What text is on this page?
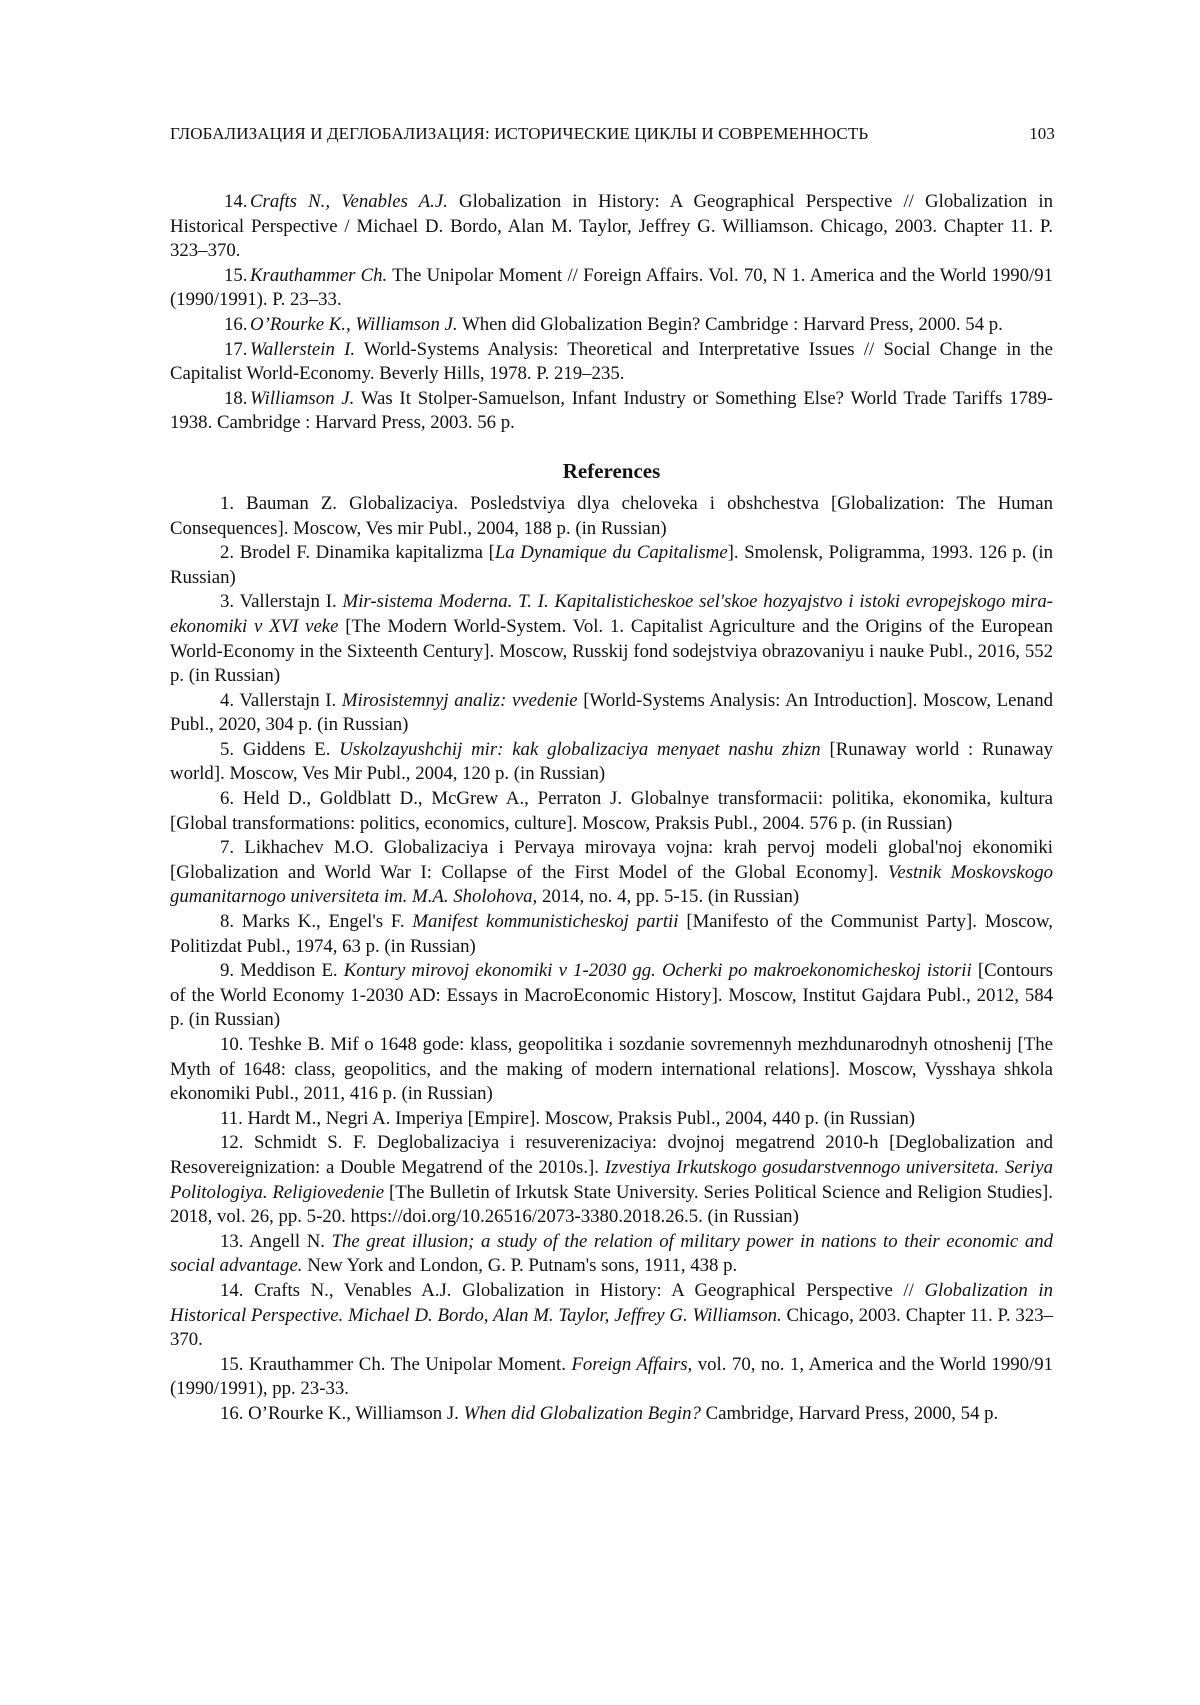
ГЛОБАЛИЗАЦИЯ И ДЕГЛОБАЛИЗАЦИЯ: ИСТОРИЧЕСКИЕ ЦИКЛЫ И СОВРЕМЕННОСТЬ	103

14. Crafts N., Venables A.J. Globalization in History: A Geographical Perspective // Globalization in Historical Perspective / Michael D. Bordo, Alan M. Taylor, Jeffrey G. Williamson. Chicago, 2003. Chapter 11. P. 323–370.

15. Krauthammer Ch. The Unipolar Moment // Foreign Affairs. Vol. 70, N 1. America and the World 1990/91 (1990/1991). P. 23–33.

16. O’Rourke K., Williamson J. When did Globalization Begin? Cambridge : Harvard Press, 2000. 54 p.

17. Wallerstein I. World-Systems Analysis: Theoretical and Interpretative Issues // Social Change in the Capitalist World-Economy. Beverly Hills, 1978. P. 219–235.

18. Williamson J. Was It Stolper-Samuelson, Infant Industry or Something Else? World Trade Tariffs 1789-1938. Cambridge : Harvard Press, 2003. 56 p.

References

1. Bauman Z. Globalizaciya. Posledstviya dlya cheloveka i obshchestva [Globalization: The Human Consequences]. Moscow, Ves mir Publ., 2004, 188 p. (in Russian)

2. Brodel F. Dinamika kapitalizma [La Dynamique du Capitalisme]. Smolensk, Poligramma, 1993. 126 p. (in Russian)

3. Vallerstajn I. Mir-sistema Moderna. T. I. Kapitalisticheskoe sel'skoe hozyajstvo i istoki evropejskogo mira-ekonomiki v XVI veke [The Modern World-System. Vol. 1. Capitalist Agriculture and the Origins of the European World-Economy in the Sixteenth Century]. Moscow, Russkij fond sodejstviya obrazovaniyu i nauke Publ., 2016, 552 p. (in Russian)

4. Vallerstajn I. Mirosistemnyj analiz: vvedenie [World-Systems Analysis: An Introduction]. Moscow, Lenand Publ., 2020, 304 p. (in Russian)

5. Giddens E. Uskolzayushchij mir: kak globalizaciya menyaet nashu zhizn [Runaway world : Runaway world]. Moscow, Ves Mir Publ., 2004, 120 p. (in Russian)

6. Held D., Goldblatt D., McGrew A., Perraton J. Globalnye transformacii: politika, ekonomika, kultura [Global transformations: politics, economics, culture]. Moscow, Praksis Publ., 2004. 576 p. (in Russian)

7. Likhachev M.O. Globalizaciya i Pervaya mirovaya vojna: krah pervoj modeli global'noj ekonomiki [Globalization and World War I: Collapse of the First Model of the Global Economy]. Vestnik Moskovskogo gumanitarnogo universiteta im. M.A. Sholohova, 2014, no. 4, pp. 5-15. (in Russian)

8. Marks K., Engel's F. Manifest kommunisticheskoj partii [Manifesto of the Communist Party]. Moscow, Politizdat Publ., 1974, 63 p. (in Russian)

9. Meddison E. Kontury mirovoj ekonomiki v 1-2030 gg. Ocherki po makroekonomicheskoj istorii [Contours of the World Economy 1-2030 AD: Essays in MacroEconomic History]. Moscow, Institut Gajdara Publ., 2012, 584 p. (in Russian)

10. Teshke B. Mif o 1648 gode: klass, geopolitika i sozdanie sovremennyh mezhdunarodnyh otnoshenij [The Myth of 1648: class, geopolitics, and the making of modern international relations]. Moscow, Vysshaya shkola ekonomiki Publ., 2011, 416 p. (in Russian)

11. Hardt M., Negri A. Imperiya [Empire]. Moscow, Praksis Publ., 2004, 440 p. (in Russian)

12. Schmidt S. F. Deglobalizaciya i resuverenizaciya: dvojnoj megatrend 2010-h [Deglobalization and Resovereignization: a Double Megatrend of the 2010s.]. Izvestiya Irkutskogo gosudarstvennogo universiteta. Seriya Politologiya. Religiovedenie [The Bulletin of Irkutsk State University. Series Political Science and Religion Studies]. 2018, vol. 26, pp. 5-20. https://doi.org/10.26516/2073-3380.2018.26.5. (in Russian)

13. Angell N. The great illusion; a study of the relation of military power in nations to their economic and social advantage. New York and London, G. P. Putnam's sons, 1911, 438 p.

14. Crafts N., Venables A.J. Globalization in History: A Geographical Perspective // Globalization in Historical Perspective. Michael D. Bordo, Alan M. Taylor, Jeffrey G. Williamson. Chicago, 2003. Chapter 11. P. 323–370.

15. Krauthammer Ch. The Unipolar Moment. Foreign Affairs, vol. 70, no. 1, America and the World 1990/91 (1990/1991), pp. 23-33.

16. O’Rourke K., Williamson J. When did Globalization Begin? Cambridge, Harvard Press, 2000, 54 p.
